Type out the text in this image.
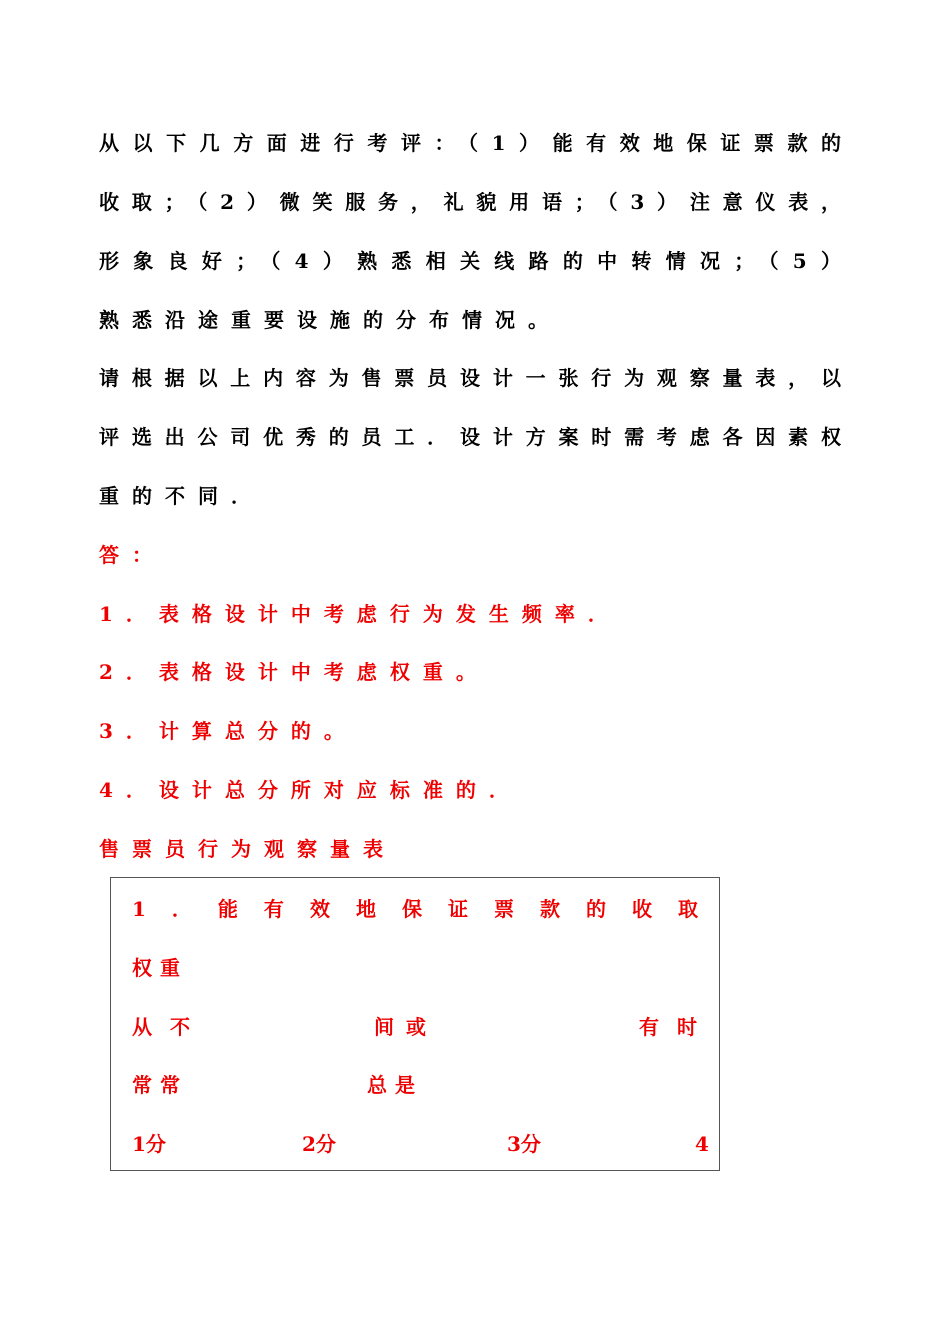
从以下几方面进行考评：（1）能有效地保证票款的
收取；（2）微笑服务，礼貌用语；（3）注意仪表，
形象良好；（4）熟悉相关线路的中转情况；（5）
熟悉沿途重要设施的分布情况。
请根据以上内容为售票员设计一张行为观察量表，以
评选出公司优秀的员工．设计方案时需考虑各因素权
重的不同．
答：
1．表格设计中考虑行为发生频率．
2．表格设计中考虑权重。
3．计算总分的。
4．设计总分所对应标准的．
售票员行为观察量表
1．能有效地保证票款的收取
权重
从不	间或	有时
常常	总是
1分	2分	3分	4
